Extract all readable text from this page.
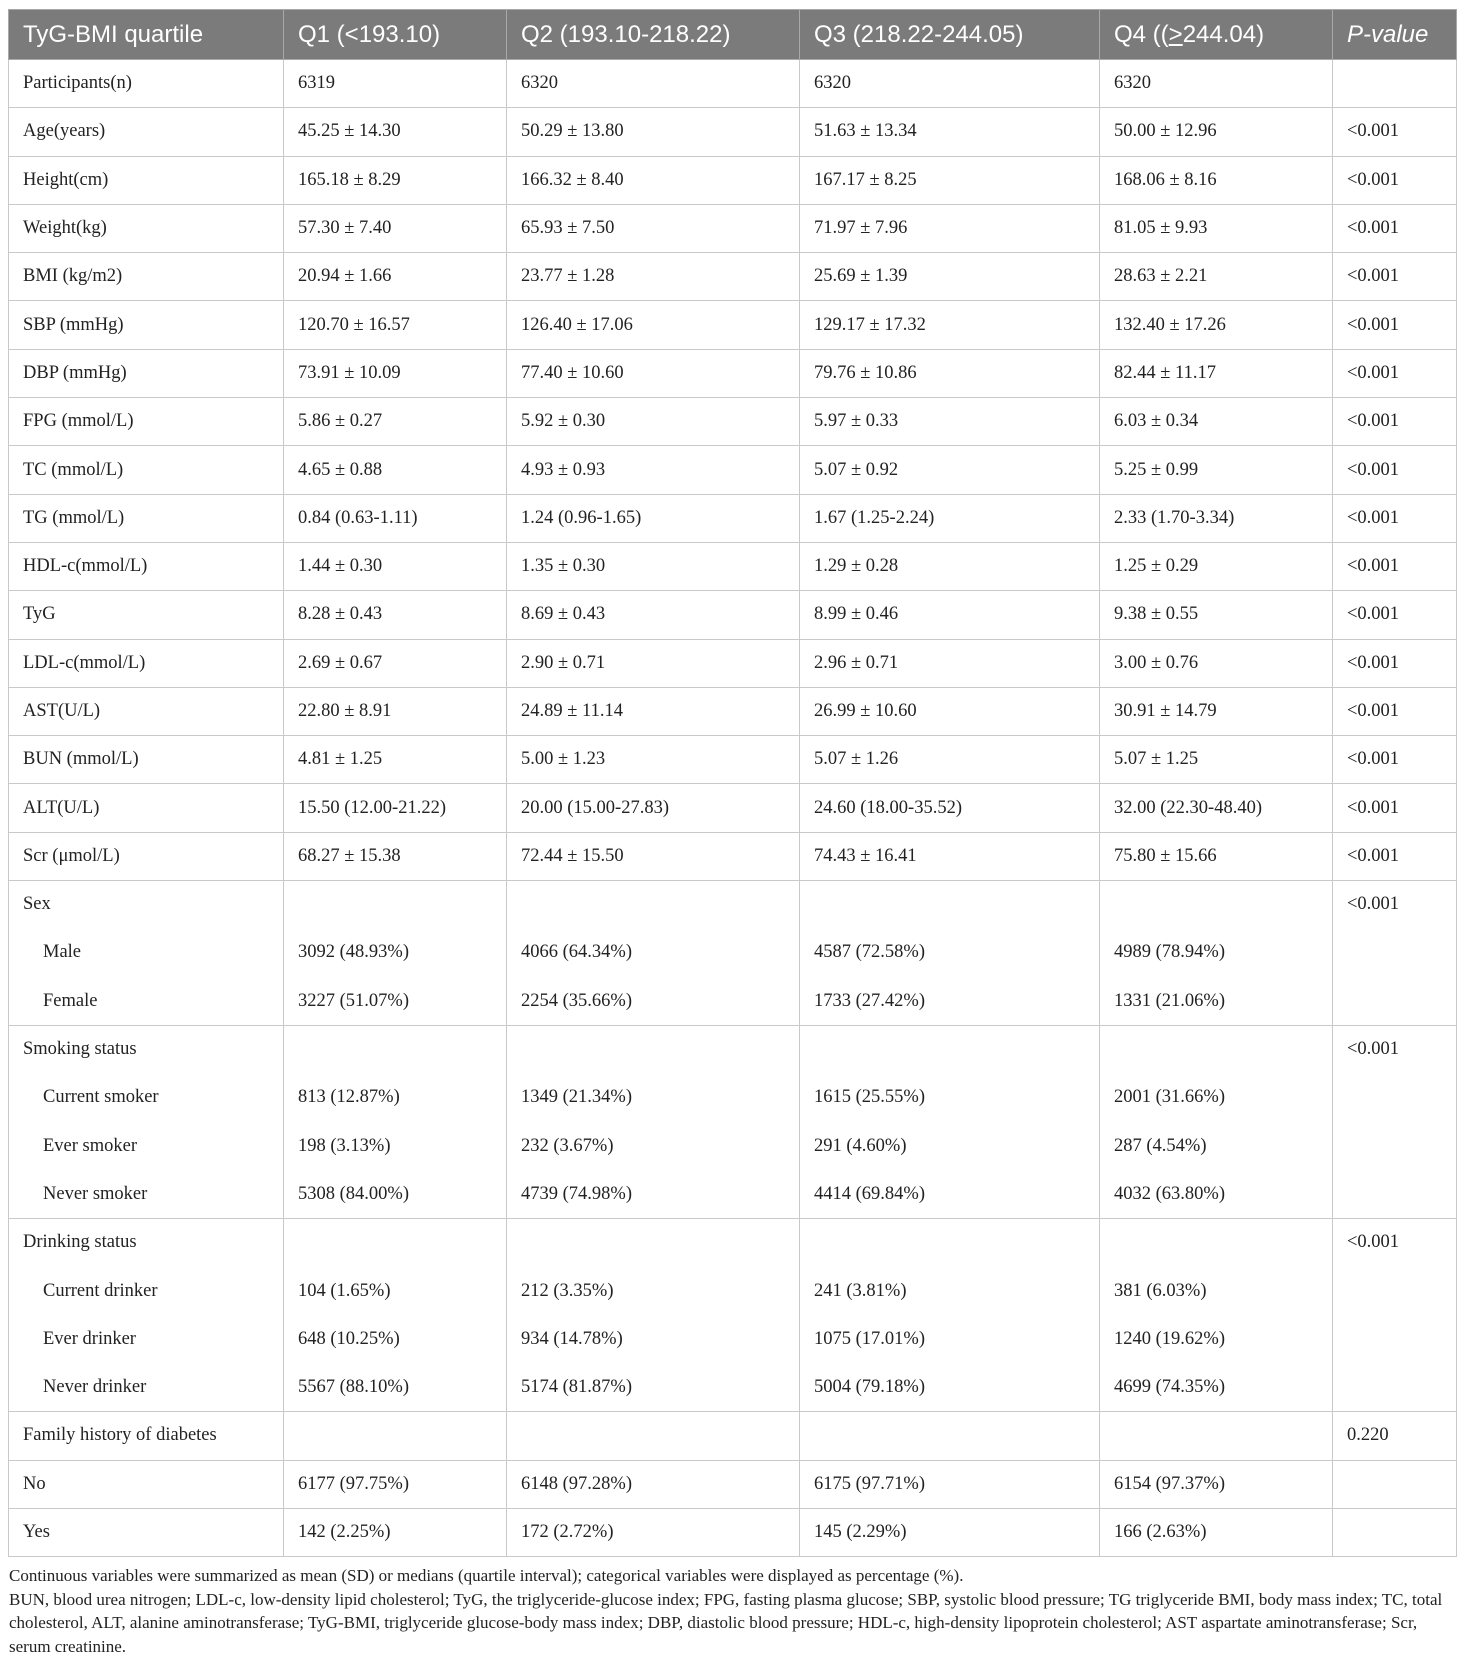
TyG-BMI quartile	Q1 (<193.10)	Q2 (193.10-218.22)	Q3 (218.22-244.05)	Q4 ((>244.04)	P-value
Participants(n)	6319	6320	6320	6320	
Age(years)	45.25 ± 14.30	50.29 ± 13.80	51.63 ± 13.34	50.00 ± 12.96	<0.001
Height(cm)	165.18 ± 8.29	166.32 ± 8.40	167.17 ± 8.25	168.06 ± 8.16	<0.001
Weight(kg)	57.30 ± 7.40	65.93 ± 7.50	71.97 ± 7.96	81.05 ± 9.93	<0.001
BMI (kg/m2)	20.94 ± 1.66	23.77 ± 1.28	25.69 ± 1.39	28.63 ± 2.21	<0.001
SBP (mmHg)	120.70 ± 16.57	126.40 ± 17.06	129.17 ± 17.32	132.40 ± 17.26	<0.001
DBP (mmHg)	73.91 ± 10.09	77.40 ± 10.60	79.76 ± 10.86	82.44 ± 11.17	<0.001
FPG (mmol/L)	5.86 ± 0.27	5.92 ± 0.30	5.97 ± 0.33	6.03 ± 0.34	<0.001
TC (mmol/L)	4.65 ± 0.88	4.93 ± 0.93	5.07 ± 0.92	5.25 ± 0.99	<0.001
TG (mmol/L)	0.84 (0.63-1.11)	1.24 (0.96-1.65)	1.67 (1.25-2.24)	2.33 (1.70-3.34)	<0.001
HDL-c(mmol/L)	1.44 ± 0.30	1.35 ± 0.30	1.29 ± 0.28	1.25 ± 0.29	<0.001
TyG	8.28 ± 0.43	8.69 ± 0.43	8.99 ± 0.46	9.38 ± 0.55	<0.001
LDL-c(mmol/L)	2.69 ± 0.67	2.90 ± 0.71	2.96 ± 0.71	3.00 ± 0.76	<0.001
AST(U/L)	22.80 ± 8.91	24.89 ± 11.14	26.99 ± 10.60	30.91 ± 14.79	<0.001
BUN (mmol/L)	4.81 ± 1.25	5.00 ± 1.23	5.07 ± 1.26	5.07 ± 1.25	<0.001
ALT(U/L)	15.50 (12.00-21.22)	20.00 (15.00-27.83)	24.60 (18.00-35.52)	32.00 (22.30-48.40)	<0.001
Scr (μmol/L)	68.27 ± 15.38	72.44 ± 15.50	74.43 ± 16.41	75.80 ± 15.66	<0.001
Sex					<0.001
Male	3092 (48.93%)	4066 (64.34%)	4587 (72.58%)	4989 (78.94%)	
Female	3227 (51.07%)	2254 (35.66%)	1733 (27.42%)	1331 (21.06%)	
Smoking status					<0.001
Current smoker	813 (12.87%)	1349 (21.34%)	1615 (25.55%)	2001 (31.66%)	
Ever smoker	198 (3.13%)	232 (3.67%)	291 (4.60%)	287 (4.54%)	
Never smoker	5308 (84.00%)	4739 (74.98%)	4414 (69.84%)	4032 (63.80%)	
Drinking status					<0.001
Current drinker	104 (1.65%)	212 (3.35%)	241 (3.81%)	381 (6.03%)	
Ever drinker	648 (10.25%)	934 (14.78%)	1075 (17.01%)	1240 (19.62%)	
Never drinker	5567 (88.10%)	5174 (81.87%)	5004 (79.18%)	4699 (74.35%)	
Family history of diabetes					0.220
No	6177 (97.75%)	6148 (97.28%)	6175 (97.71%)	6154 (97.37%)	
Yes	142 (2.25%)	172 (2.72%)	145 (2.29%)	166 (2.63%)	

Continuous variables were summarized as mean (SD) or medians (quartile interval); categorical variables were displayed as percentage (%).

BUN, blood urea nitrogen; LDL-c, low-density lipid cholesterol; TyG, the triglyceride-glucose index; FPG, fasting plasma glucose; SBP, systolic blood pressure; TG triglyceride BMI, body mass index; TC, total cholesterol, ALT, alanine aminotransferase; TyG-BMI, triglyceride glucose-body mass index; DBP, diastolic blood pressure; HDL-c, high-density lipoprotein cholesterol; AST aspartate aminotransferase; Scr, serum creatinine.
